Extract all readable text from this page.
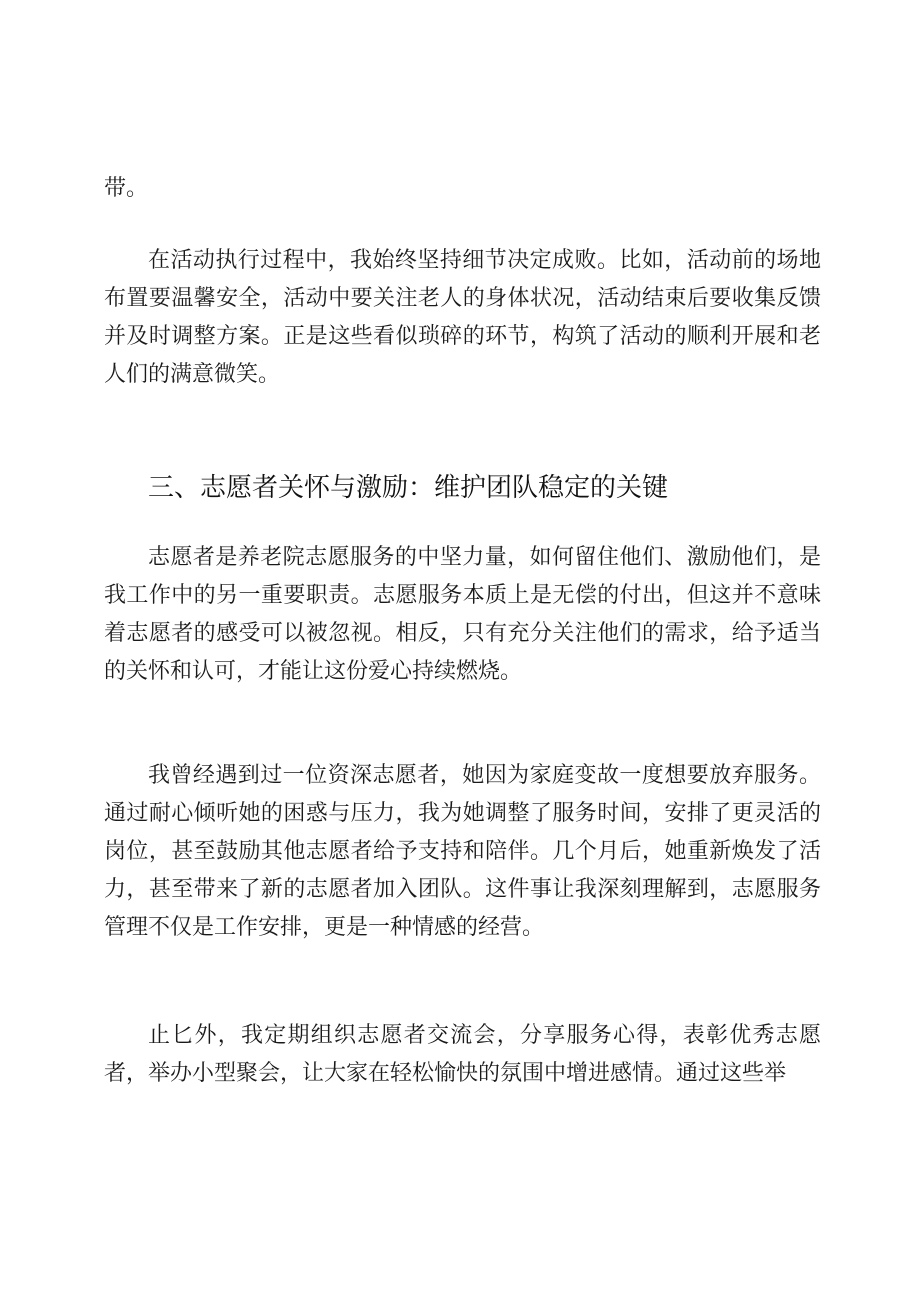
带。

在活动执行过程中，我始终坚持细节决定成败。比如，活动前的场地布置要温馨安全，活动中要关注老人的身体状况，活动结束后要收集反馈并及时调整方案。正是这些看似琐碎的环节，构筑了活动的顺利开展和老人们的满意微笑。

三、志愿者关怀与激励：维护团队稳定的关键

志愿者是养老院志愿服务的中坚力量，如何留住他们、激励他们，是我工作中的另一重要职责。志愿服务本质上是无偿的付出，但这并不意味着志愿者的感受可以被忽视。相反，只有充分关注他们的需求，给予适当的关怀和认可，才能让这份爱心持续燃烧。

我曾经遇到过一位资深志愿者，她因为家庭变故一度想要放弃服务。通过耐心倾听她的困惑与压力，我为她调整了服务时间，安排了更灵活的岗位，甚至鼓励其他志愿者给予支持和陪伴。几个月后，她重新焕发了活力，甚至带来了新的志愿者加入团队。这件事让我深刻理解到，志愿服务管理不仅是工作安排，更是一种情感的经营。

止匕外，我定期组织志愿者交流会，分享服务心得，表彰优秀志愿者，举办小型聚会，让大家在轻松愉快的氛围中增进感情。通过这些举
